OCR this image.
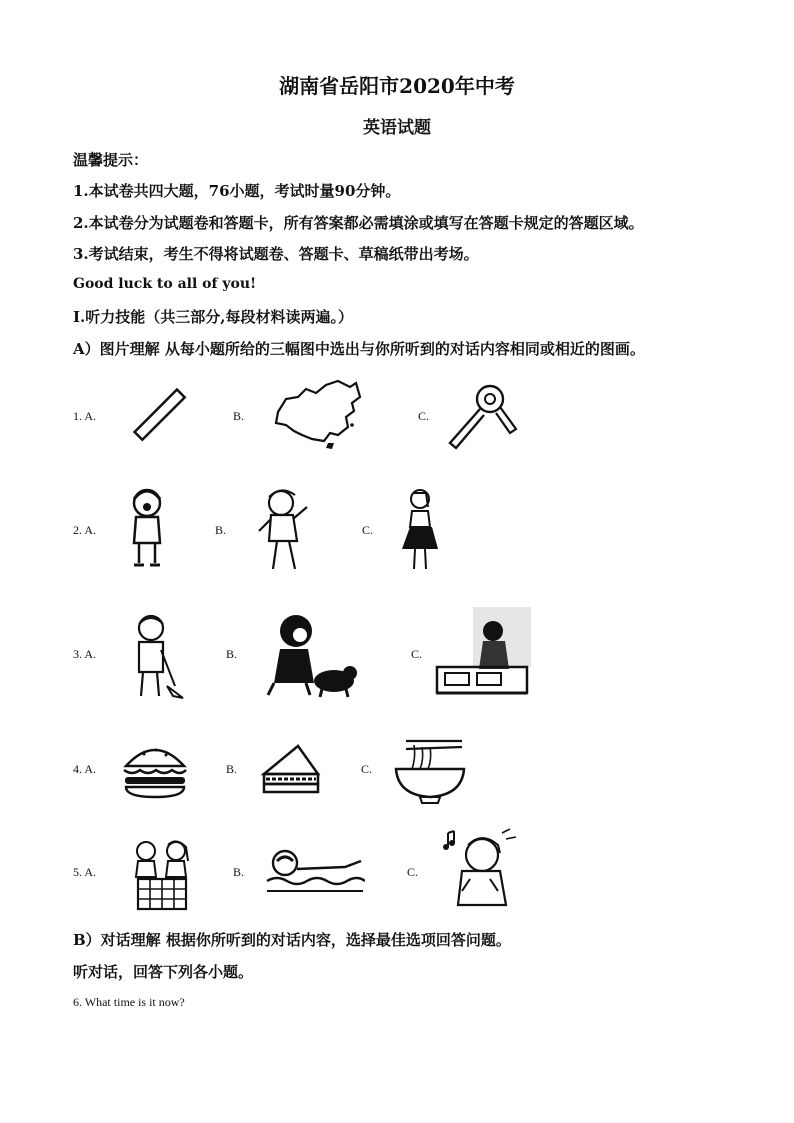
湖南省岳阳市2020年中考
英语试题
温馨提示：
1.本试卷共四大题，76小题，考试时量90分钟。
2.本试卷分为试题卷和答题卡，所有答案都必需填涂或填写在答题卡规定的答题区域。
3.考试结束，考生不得将试题卷、答题卡、草稿纸带出考场。
Good luck to all of you!
I.听力技能（共三部分,每段材料读两遍。）
A）图片理解 从每小题所给的三幅图中选出与你所听到的对话内容相同或相近的图画。
1. A.	B.	C.
2. A.	B.	C.
3. A.	B.	C.
4. A.	B.	C.
5. A.	B.	C.
B）对话理解 根据你所听到的对话内容，选择最佳选项回答问题。
听对话，回答下列各小题。
6. What time is it now?
